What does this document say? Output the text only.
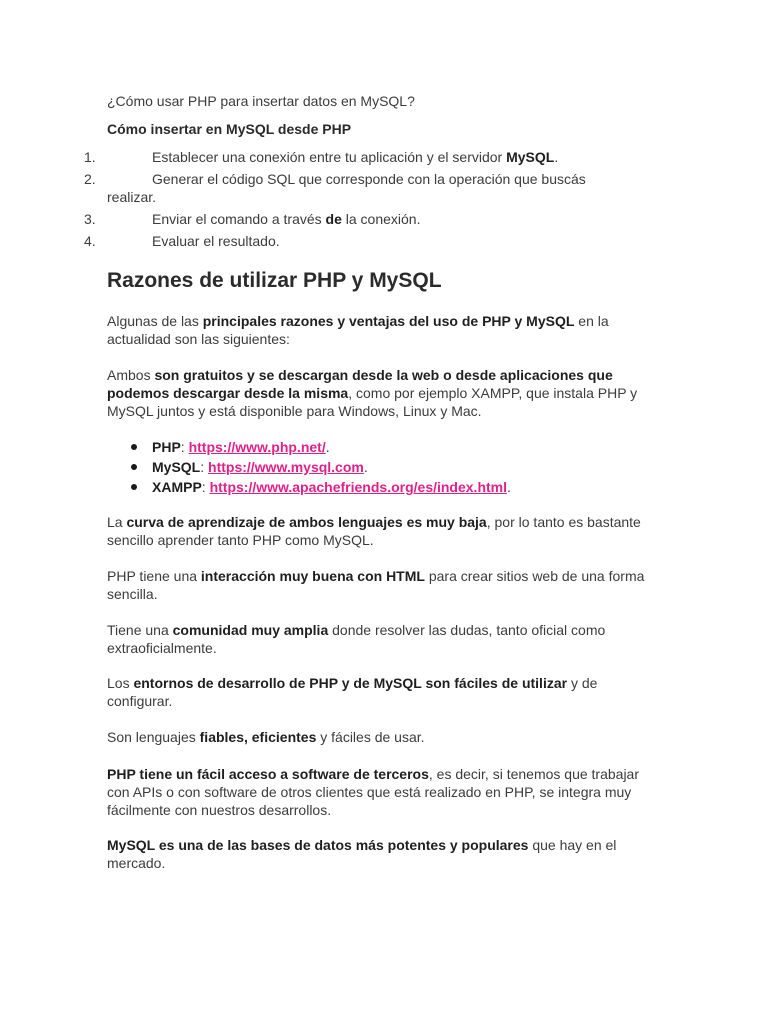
¿Cómo usar PHP para insertar datos en MySQL?
Cómo insertar en MySQL desde PHP
1.	Establecer una conexión entre tu aplicación y el servidor MySQL.
2.	Generar el código SQL que corresponde con la operación que buscás
realizar.
3.	Enviar el comando a través de la conexión.
4.	Evaluar el resultado.
Razones de utilizar PHP y MySQL

Algunas de las principales razones y ventajas del uso de PHP y MySQL en la actualidad son las siguientes:

Ambos son gratuitos y se descargan desde la web o desde aplicaciones que podemos descargar desde la misma, como por ejemplo XAMPP, que instala PHP y MySQL juntos y está disponible para Windows, Linux y Mac.

PHP: https://www.php.net/.
MySQL: https://www.mysql.com.
XAMPP: https://www.apachefriends.org/es/index.html.

La curva de aprendizaje de ambos lenguajes es muy baja, por lo tanto es bastante sencillo aprender tanto PHP como MySQL.

PHP tiene una interacción muy buena con HTML para crear sitios web de una forma sencilla.

Tiene una comunidad muy amplia donde resolver las dudas, tanto oficial como extraoficialmente.

Los entornos de desarrollo de PHP y de MySQL son fáciles de utilizar y de configurar.

Son lenguajes fiables, eficientes y fáciles de usar.

PHP tiene un fácil acceso a software de terceros, es decir, si tenemos que trabajar con APIs o con software de otros clientes que está realizado en PHP, se integra muy fácilmente con nuestros desarrollos.

MySQL es una de las bases de datos más potentes y populares que hay en el mercado.
